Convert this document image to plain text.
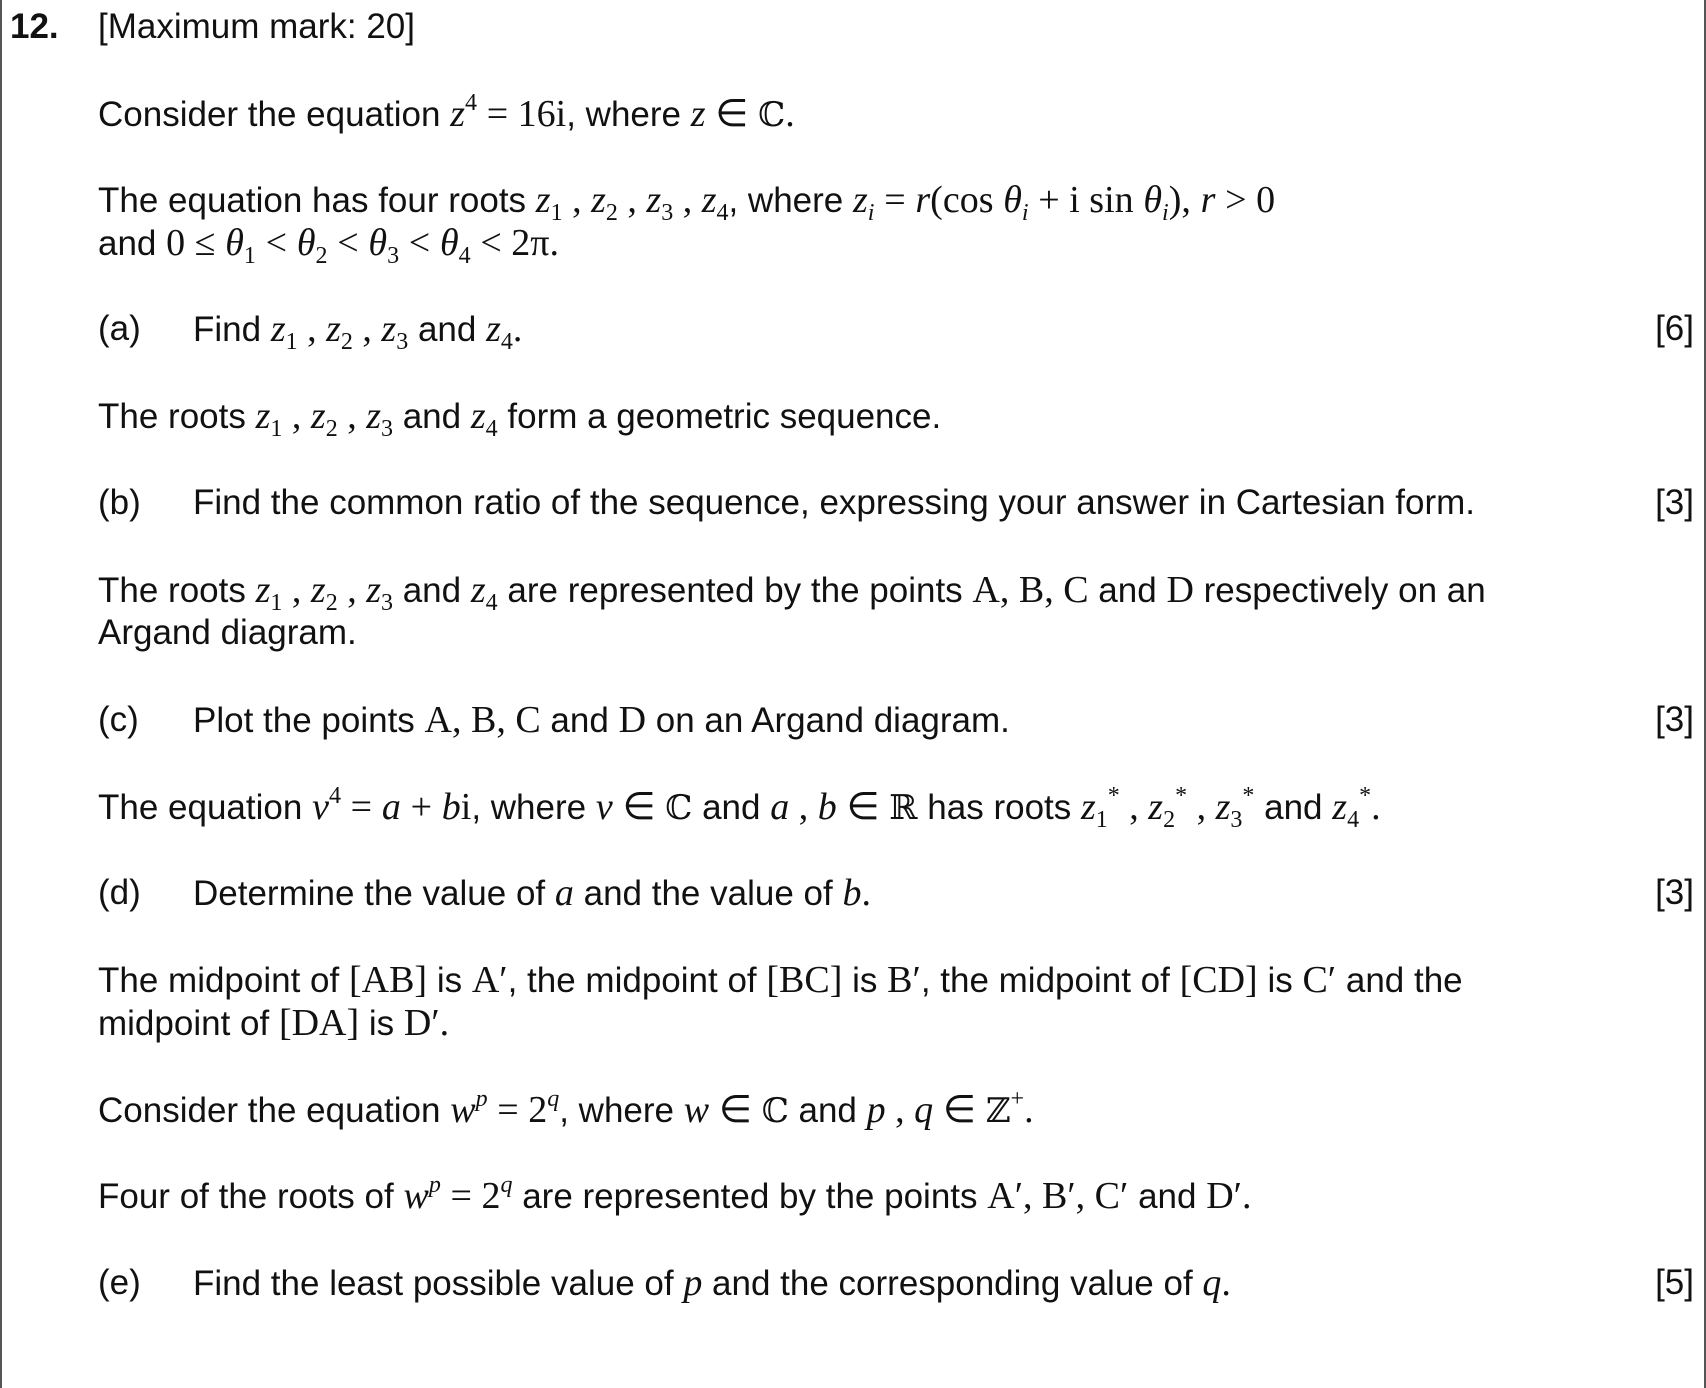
12. [Maximum mark: 20]
Consider the equation $z^4 = 16i$, where z ∈ ℂ.
The equation has four roots $z_1$ , $z_2$ , $z_3$ , $z_4$, where $z_i = r(\cos$ $\theta_i + i$ $\sin \theta_i$), r > 0
and $0 \le \theta_1 < \theta_2 < \theta_3 < \theta_4 < 2\pi$.
(a) Find $z_1$ , $z_2$ , $z_3$ and $z_4$.	[6]
The roots $z_1$ , $z_2$ , $z_3$ and $z_4$ form a geometric sequence.
(b) Find the common ratio of the sequence, expressing your answer in Cartesian form.	[3]
The roots $z_1$ , $z_2$ , $z_3$ and $z_4$ are represented by the points A, B, C and D respectively on an
Argand diagram.
(c) Plot the points A, B, C and D on an Argand diagram.	[3]
The equation $v^4 = a$ + bi, where v ∈ ℂ and a , b ∈ ℝ has roots $z_1^*$ , $z_2^*$ , $z_3^*$ and $z_4^*$.
(d) Determine the value of a and the value of b.	[3]
The midpoint of [AB] is A′, the midpoint of [BC] is B′, the midpoint of [CD] is C′ and the
midpoint of [DA] is D′.
Consider the equation $w^p = 2^q$, where w ∈ ℂ and p , q ∈ ℤ+.
Four of the roots of $w^p = 2^q$ are represented by the points A′, B′, C′ and D′.
(e) Find the least possible value of p and the corresponding value of q.	[5]
